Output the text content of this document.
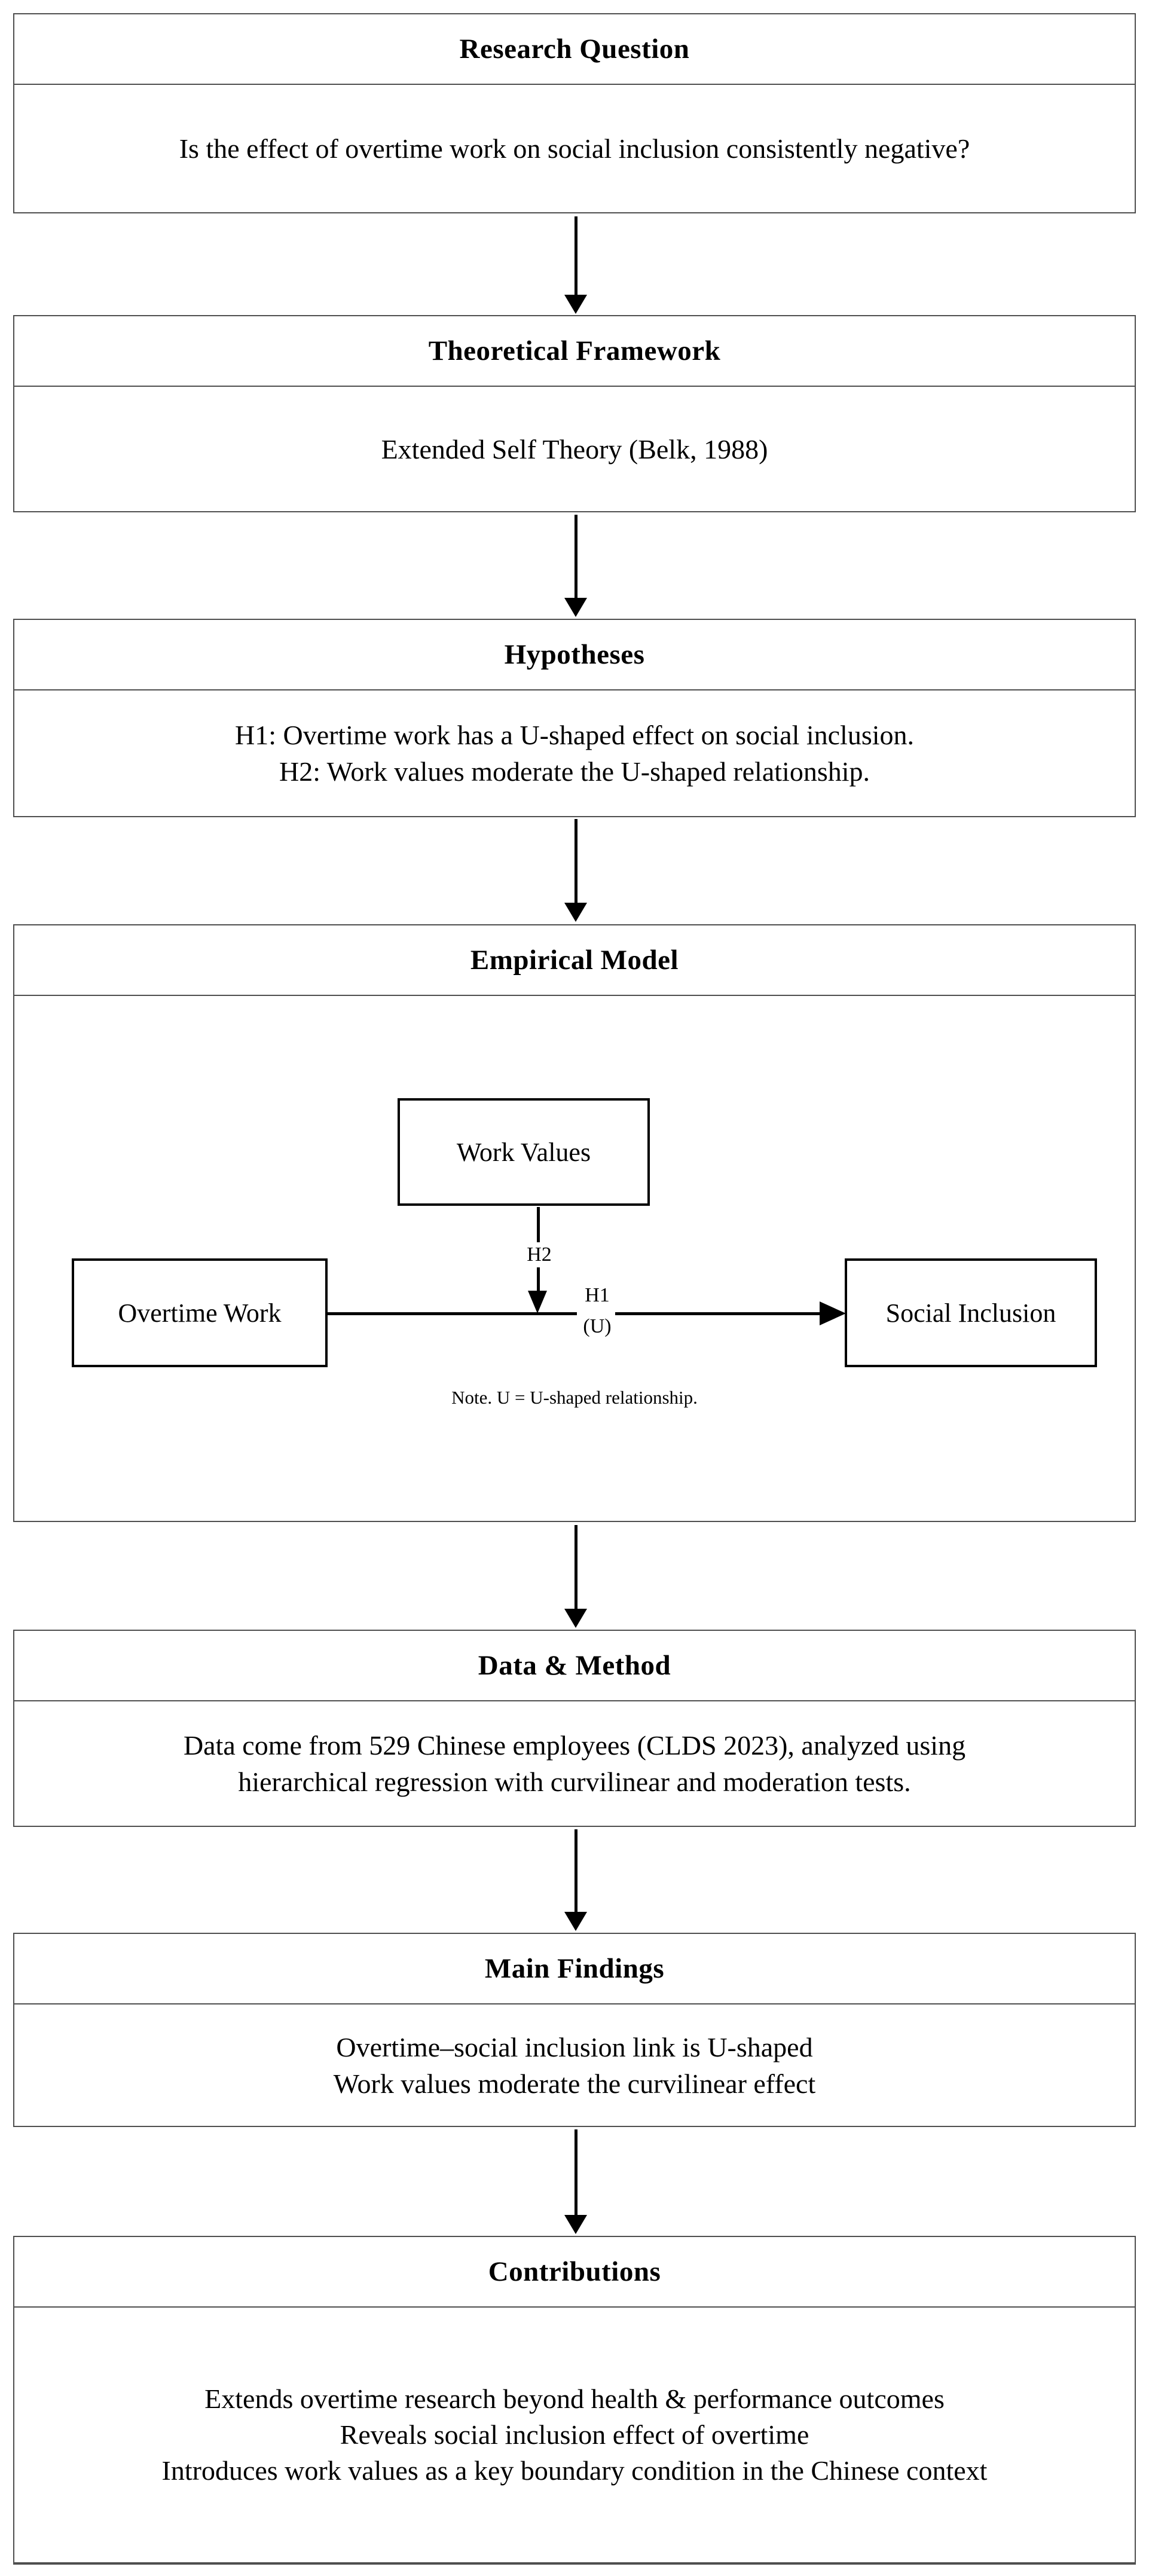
Research Question

Is the effect of overtime work on social inclusion consistently negative?

Theoretical Framework

Extended Self Theory (Belk, 1988)

Hypotheses

H1: Overtime work has a U-shaped effect on social inclusion.

H2: Work values moderate the U-shaped relationship.

Empirical Model
Work Values
Overtime Work	Social Inclusion
H2
H1
(U)
Note. U = U-shaped relationship.
Data & Method

Data come from 529 Chinese employees (CLDS 2023), analyzed using

hierarchical regression with curvilinear and moderation tests.

Main Findings

Overtime–social inclusion link is U-shaped

Work values moderate the curvilinear effect

Contributions

Extends overtime research beyond health & performance outcomes

Reveals social inclusion effect of overtime

Introduces work values as a key boundary condition in the Chinese context
